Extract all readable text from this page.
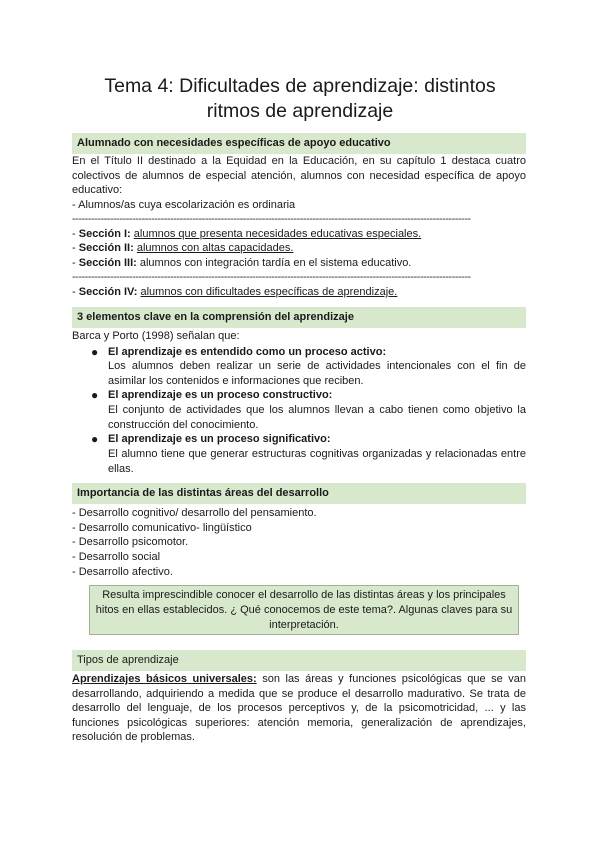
Tema 4: Dificultades de aprendizaje: distintos
ritmos de aprendizaje
Alumnado con necesidades específicas de apoyo educativo

En el Título II destinado a la Equidad en la Educación, en su capítulo 1 destaca cuatro colectivos de alumnos de especial atención, alumnos con necesidad específica de apoyo educativo:

- Alumnos/as cuya escolarización es ordinaria

------------------------------------------------------------------------------------------------------------------------------

- Sección I: alumnos que presenta necesidades educativas especiales.

- Sección II: alumnos con altas capacidades.

- Sección III: alumnos con integración tardía en el sistema educativo.

------------------------------------------------------------------------------------------------------------------------------

- Sección IV: alumnos con dificultades específicas de aprendizaje.

3 elementos clave en la comprensión del aprendizaje

Barca y Porto (1998) señalan que:

● El aprendizaje es entendido como un proceso activo:

Los alumnos deben realizar un serie de actividades intencionales con el fin de asimilar los contenidos e informaciones que reciben.

● El aprendizaje es un proceso constructivo:

El conjunto de actividades que los alumnos llevan a cabo tienen como objetivo la construcción del conocimiento.

● El aprendizaje es un proceso significativo:

El alumno tiene que generar estructuras cognitivas organizadas y relacionadas entre ellas.

Importancia de las distintas áreas del desarrollo

- Desarrollo cognitivo/ desarrollo del pensamiento.

- Desarrollo comunicativo- lingüístico

- Desarrollo psicomotor.

- Desarrollo social

- Desarrollo afectivo.

Resulta imprescindible conocer el desarrollo de las distintas áreas y los principales hitos en ellas establecidos. ¿ Qué conocemos de este tema?. Algunas claves para su interpretación.
Tipos de aprendizaje

Aprendizajes básicos universales: son las áreas y funciones psicológicas que se van desarrollando, adquiriendo a medida que se produce el desarrollo madurativo. Se trata de desarrollo del lenguaje, de los procesos perceptivos y, de la psicomotricidad, ... y las funciones psicológicas superiores: atención memoria, generalización de aprendizajes, resolución de problemas.
